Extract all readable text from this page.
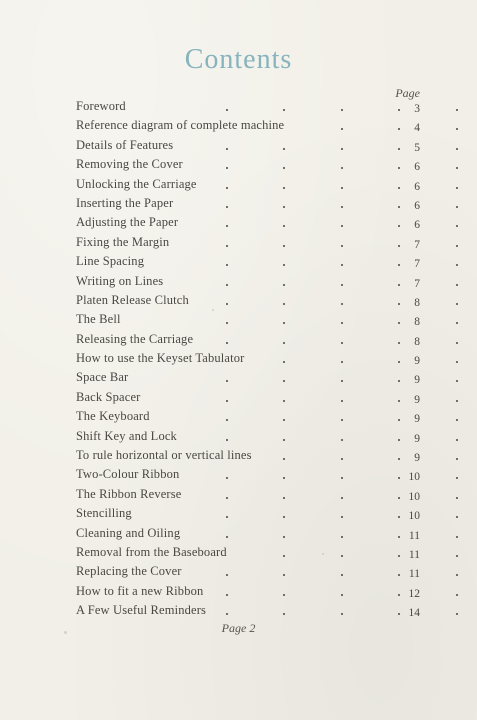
Contents
Page
Foreword	3
Reference diagram of complete machine	4
Details of Features	5
Removing the Cover	6
Unlocking the Carriage	6
Inserting the Paper	6
Adjusting the Paper	6
Fixing the Margin	7
Line Spacing	7
Writing on Lines	7
Platen Release Clutch	8
The Bell	8
Releasing the Carriage	8
How to use the Keyset Tabulator	9
Space Bar	9
Back Spacer	9
The Keyboard	9
Shift Key and Lock	9
To rule horizontal or vertical lines	9
Two-Colour Ribbon	10
The Ribbon Reverse	10
Stencilling	10
Cleaning and Oiling	11
Removal from the Baseboard	11
Replacing the Cover	11
How to fit a new Ribbon	12
A Few Useful Reminders	14
Page 2
